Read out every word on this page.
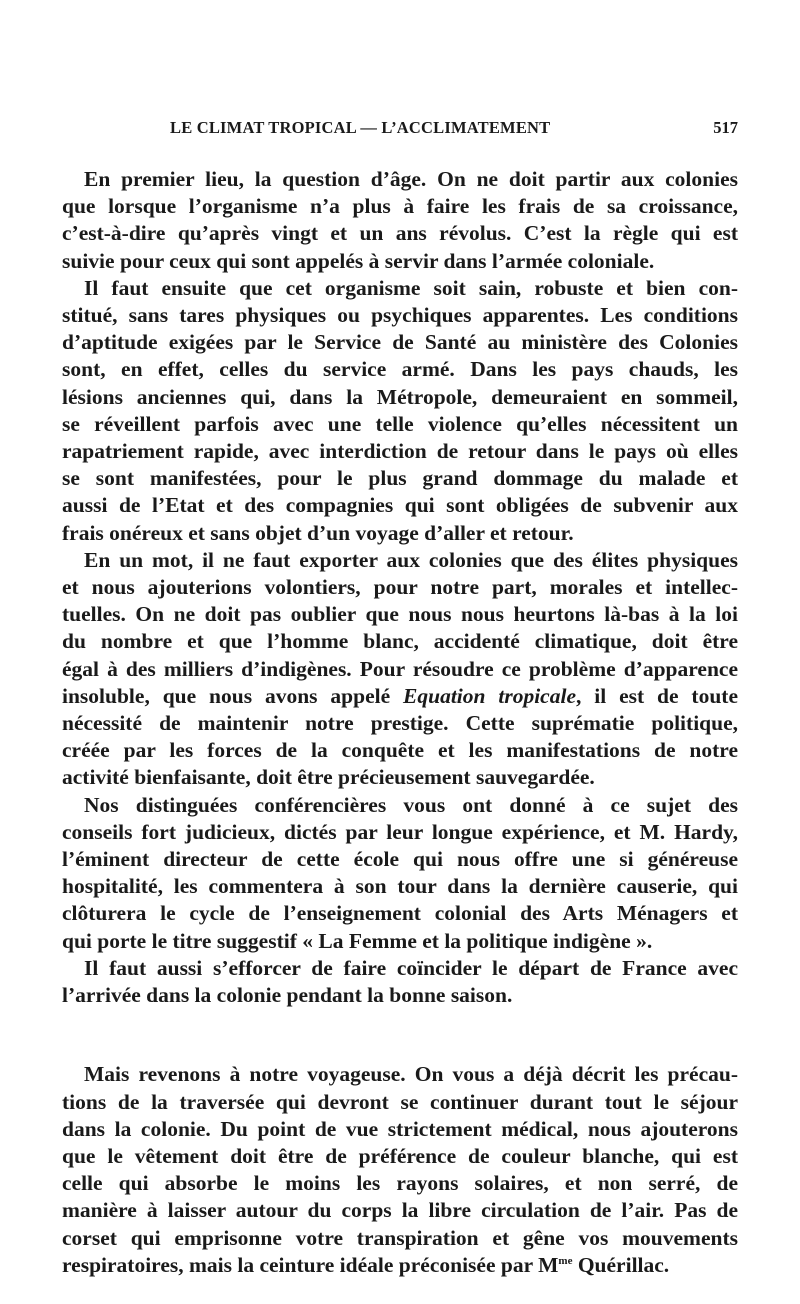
LE CLIMAT TROPICAL — L’ACCLIMATEMENT	517
En premier lieu, la question d’âge. On ne doit partir aux colonies
que lorsque l’organisme n’a plus à faire les frais de sa croissance,
c’est-à-dire qu’après vingt et un ans révolus. C’est la règle qui est
suivie pour ceux qui sont appelés à servir dans l’armée coloniale.
Il faut ensuite que cet organisme soit sain, robuste et bien con-
stitué, sans tares physiques ou psychiques apparentes. Les conditions
d’aptitude exigées par le Service de Santé au ministère des Colonies
sont, en effet, celles du service armé. Dans les pays chauds, les
lésions anciennes qui, dans la Métropole, demeuraient en sommeil,
se réveillent parfois avec une telle violence qu’elles nécessitent un
rapatriement rapide, avec interdiction de retour dans le pays où elles
se sont manifestées, pour le plus grand dommage du malade et
aussi de l’Etat et des compagnies qui sont obligées de subvenir aux
frais onéreux et sans objet d’un voyage d’aller et retour.
En un mot, il ne faut exporter aux colonies que des élites physiques
et nous ajouterions volontiers, pour notre part, morales et intellec-
tuelles. On ne doit pas oublier que nous nous heurtons là-bas à la loi
du nombre et que l’homme blanc, accidenté climatique, doit être
égal à des milliers d’indigènes. Pour résoudre ce problème d’apparence
insoluble, que nous avons appelé Equation tropicale, il est de toute
nécessité de maintenir notre prestige. Cette suprématie politique,
créée par les forces de la conquête et les manifestations de notre
activité bienfaisante, doit être précieusement sauvegardée.
Nos distinguées conférencières vous ont donné à ce sujet des
conseils fort judicieux, dictés par leur longue expérience, et M. Hardy,
l’éminent directeur de cette école qui nous offre une si généreuse
hospitalité, les commentera à son tour dans la dernière causerie, qui
clôturera le cycle de l’enseignement colonial des Arts Ménagers et
qui porte le titre suggestif « La Femme et la politique indigène ».
Il faut aussi s’efforcer de faire coïncider le départ de France avec
l’arrivée dans la colonie pendant la bonne saison.
Mais revenons à notre voyageuse. On vous a déjà décrit les précau-
tions de la traversée qui devront se continuer durant tout le séjour
dans la colonie. Du point de vue strictement médical, nous ajouterons
que le vêtement doit être de préférence de couleur blanche, qui est
celle qui absorbe le moins les rayons solaires, et non serré, de
manière à laisser autour du corps la libre circulation de l’air. Pas de
corset qui emprisonne votre transpiration et gêne vos mouvements
respiratoires, mais la ceinture idéale préconisée par $M^{me}$ Quérillac.
